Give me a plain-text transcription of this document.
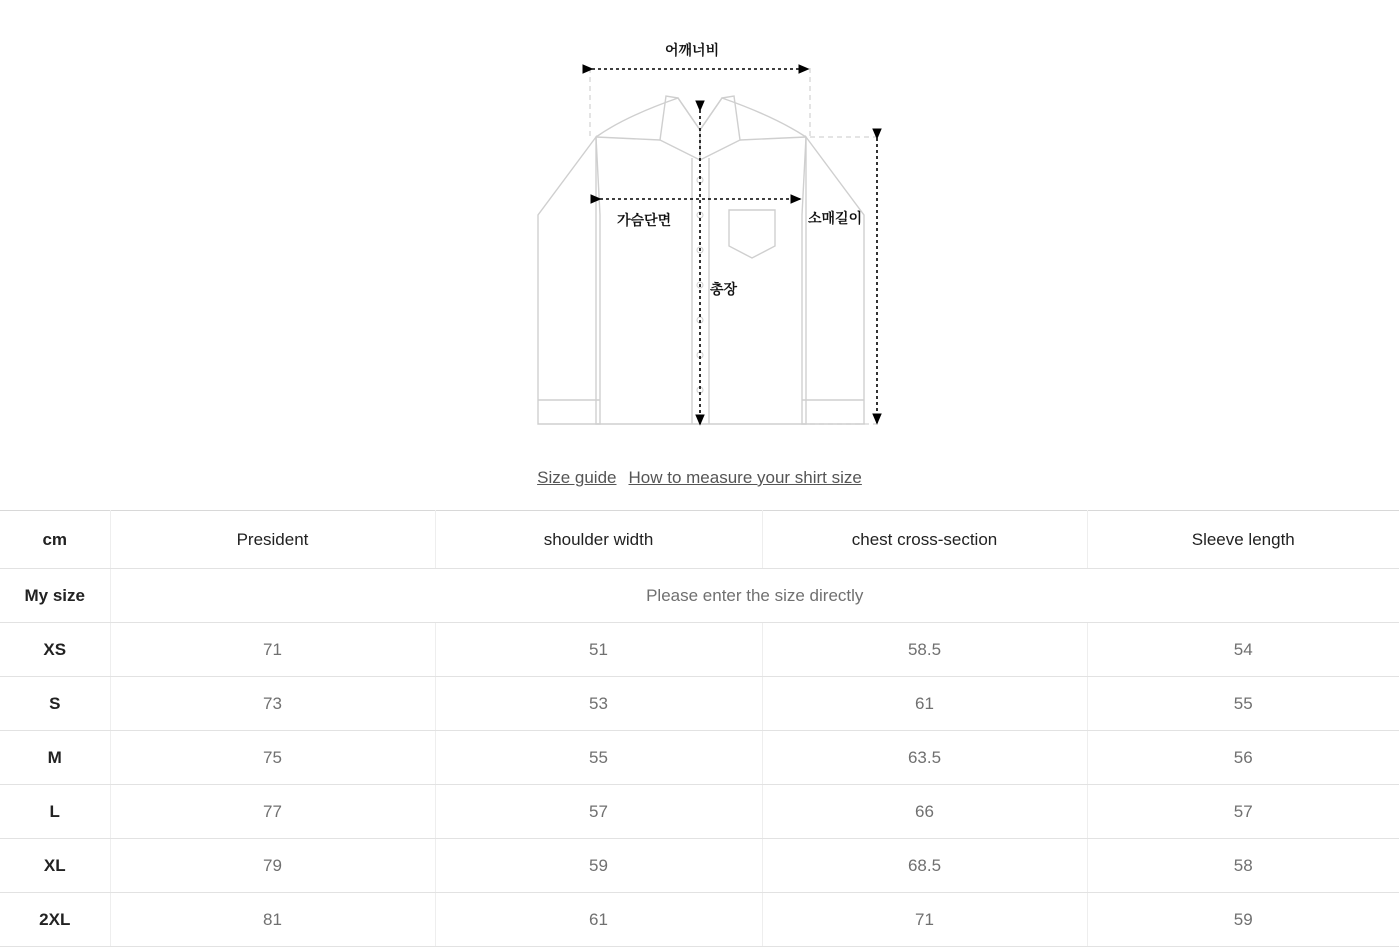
어깨너비
가슴단면	소매길이
총장
Size guide How to measure your shirt size
cm	President	shoulder width	chest cross-section	Sleeve length
My size	Please enter the size directly			
XS	71	51	58.5	54
S	73	53	61	55
M	75	55	63.5	56
L	77	57	66	57
XL	79	59	68.5	58
2XL	81	61	71	59
